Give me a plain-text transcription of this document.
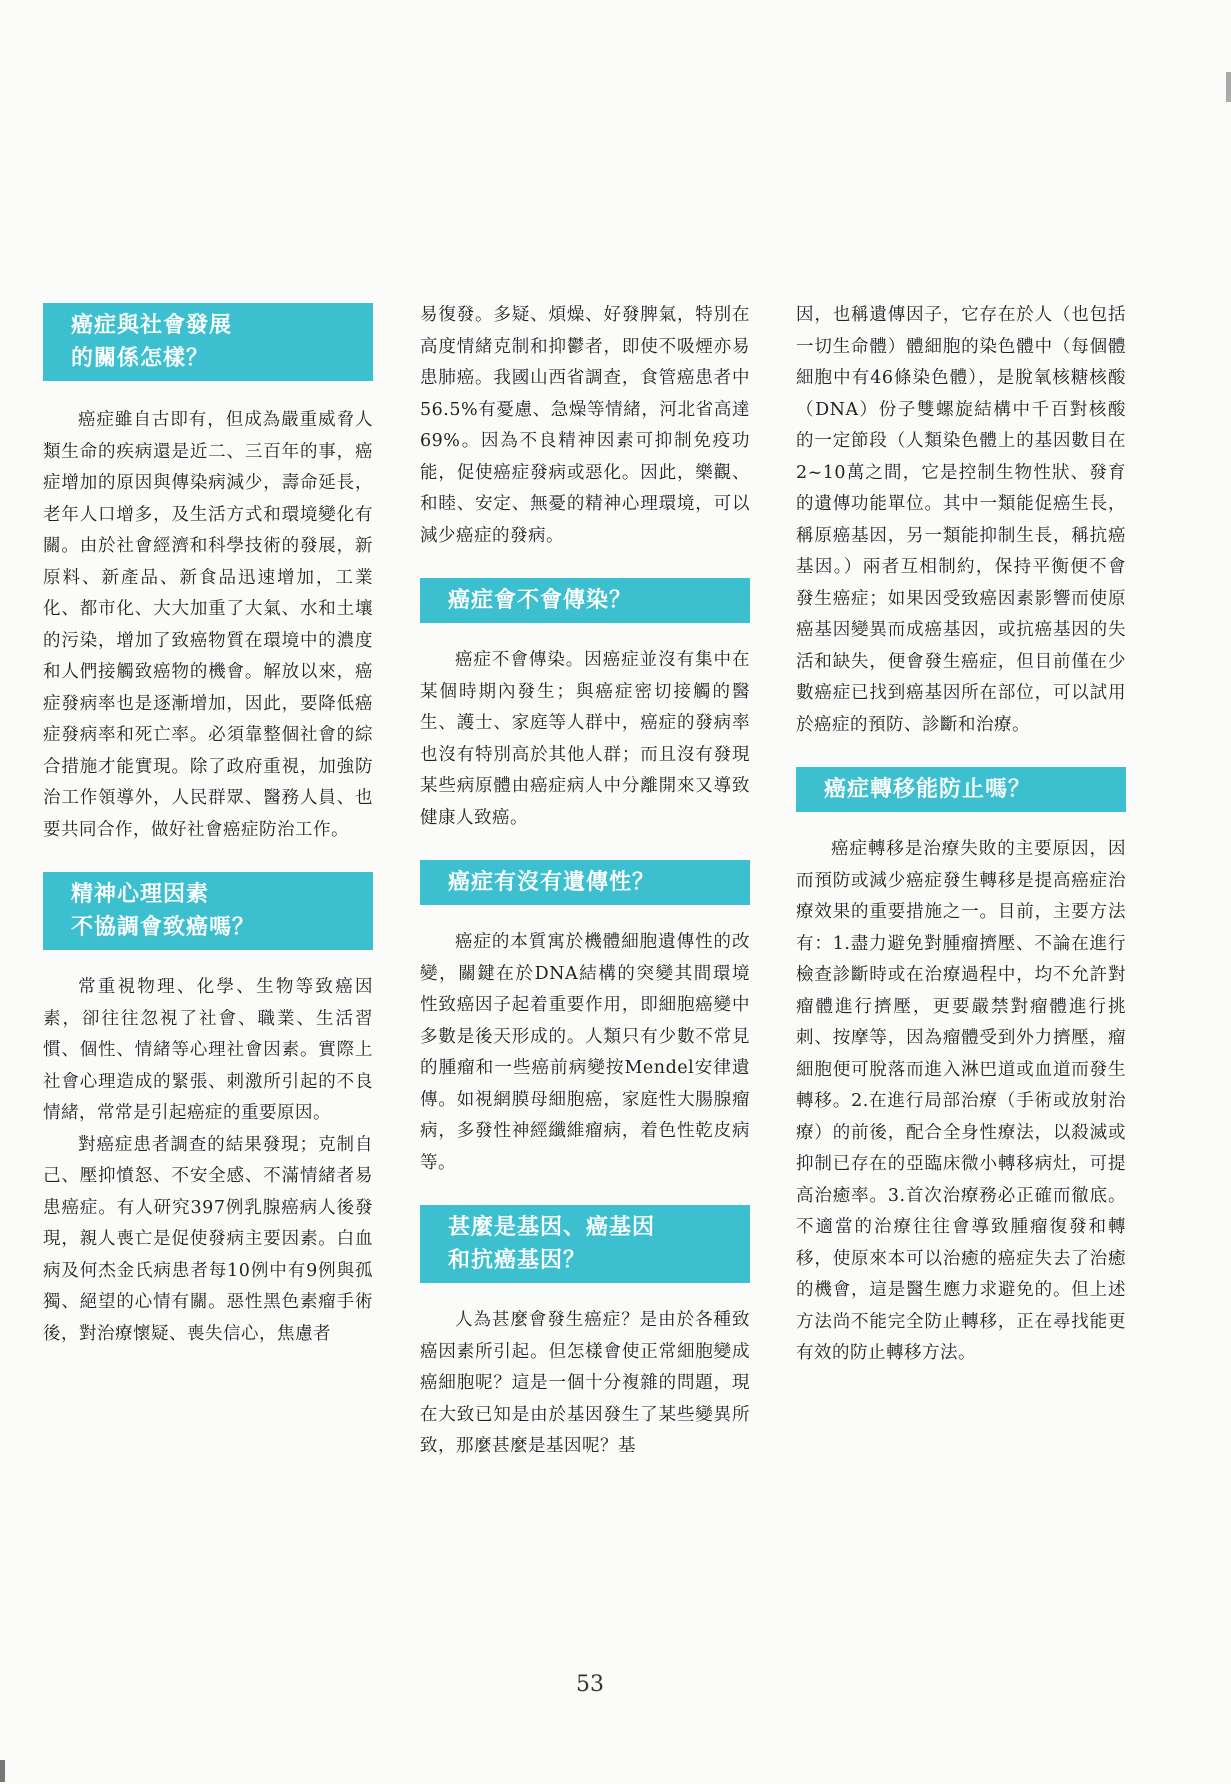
癌症與社會發展
的關係怎樣？

癌症雖自古即有，但成為嚴重威脅人類生命的疾病還是近二、三百年的事，癌症增加的原因與傳染病減少，壽命延長，老年人口增多，及生活方式和環境變化有關。由於社會經濟和科學技術的發展，新原料、新產品、新食品迅速增加，工業化、都市化、大大加重了大氣、水和土壤的污染，增加了致癌物質在環境中的濃度和人們接觸致癌物的機會。解放以來，癌症發病率也是逐漸增加，因此，要降低癌症發病率和死亡率。必須靠整個社會的綜合措施才能實現。除了政府重視，加強防治工作領導外，人民群眾、醫務人員、也要共同合作，做好社會癌症防治工作。

精神心理因素
不協調會致癌嗎？

常重視物理、化學、生物等致癌因素，卻往往忽視了社會、職業、生活習慣、個性、情緒等心理社會因素。實際上社會心理造成的緊張、刺激所引起的不良情緒，常常是引起癌症的重要原因。

對癌症患者調查的結果發現；克制自己、壓抑憤怒、不安全感、不滿情緒者易患癌症。有人研究397例乳腺癌病人後發現，親人喪亡是促使發病主要因素。白血病及何杰金氏病患者每10例中有9例與孤獨、絕望的心情有關。惡性黑色素瘤手術後，對治療懷疑、喪失信心，焦慮者

易復發。多疑、煩燥、好發脾氣，特別在高度情緒克制和抑鬱者，即使不吸煙亦易患肺癌。我國山西省調查，食管癌患者中56.5%有憂慮、急燥等情緒，河北省高達69%。因為不良精神因素可抑制免疫功能，促使癌症發病或惡化。因此，樂觀、和睦、安定、無憂的精神心理環境，可以減少癌症的發病。

癌症會不會傳染？

癌症不會傳染。因癌症並沒有集中在某個時期內發生；與癌症密切接觸的醫生、護士、家庭等人群中，癌症的發病率也沒有特別高於其他人群；而且沒有發現某些病原體由癌症病人中分離開來又導致健康人致癌。

癌症有沒有遺傳性？

癌症的本質寓於機體細胞遺傳性的改變，關鍵在於DNA結構的突變其間環境性致癌因子起着重要作用，即細胞癌變中多數是後天形成的。人類只有少數不常見的腫瘤和一些癌前病變按Mendel安律遺傳。如視網膜母細胞癌，家庭性大腸腺瘤病，多發性神經纖維瘤病，着色性乾皮病等。

甚麼是基因、癌基因
和抗癌基因？

人為甚麼會發生癌症？是由於各種致癌因素所引起。但怎樣會使正常細胞變成癌細胞呢？這是一個十分複雜的問題，現在大致已知是由於基因發生了某些變異所致，那麼甚麼是基因呢？基

因，也稱遺傳因子，它存在於人（也包括一切生命體）體細胞的染色體中（每個體細胞中有46條染色體），是脫氧核糖核酸（DNA）份子雙螺旋結構中千百對核酸的一定節段（人類染色體上的基因數目在2~10萬之間，它是控制生物性狀、發育的遺傳功能單位。其中一類能促癌生長，稱原癌基因，另一類能抑制生長，稱抗癌基因。）兩者互相制約，保持平衡便不會發生癌症；如果因受致癌因素影響而使原癌基因變異而成癌基因，或抗癌基因的失活和缺失，便會發生癌症，但目前僅在少數癌症已找到癌基因所在部位，可以試用於癌症的預防、診斷和治療。

癌症轉移能防止嗎？

癌症轉移是治療失敗的主要原因，因而預防或減少癌症發生轉移是提高癌症治療效果的重要措施之一。目前，主要方法有：1.盡力避免對腫瘤擠壓、不論在進行檢查診斷時或在治療過程中，均不允許對瘤體進行擠壓，更要嚴禁對瘤體進行挑刺、按摩等，因為瘤體受到外力擠壓，瘤細胞便可脫落而進入淋巴道或血道而發生轉移。2.在進行局部治療（手術或放射治療）的前後，配合全身性療法，以殺滅或抑制已存在的亞臨床微小轉移病灶，可提高治癒率。3.首次治療務必正確而徹底。不適當的治療往往會導致腫瘤復發和轉移，使原來本可以治癒的癌症失去了治癒的機會，這是醫生應力求避免的。但上述方法尚不能完全防止轉移，正在尋找能更有效的防止轉移方法。

53
